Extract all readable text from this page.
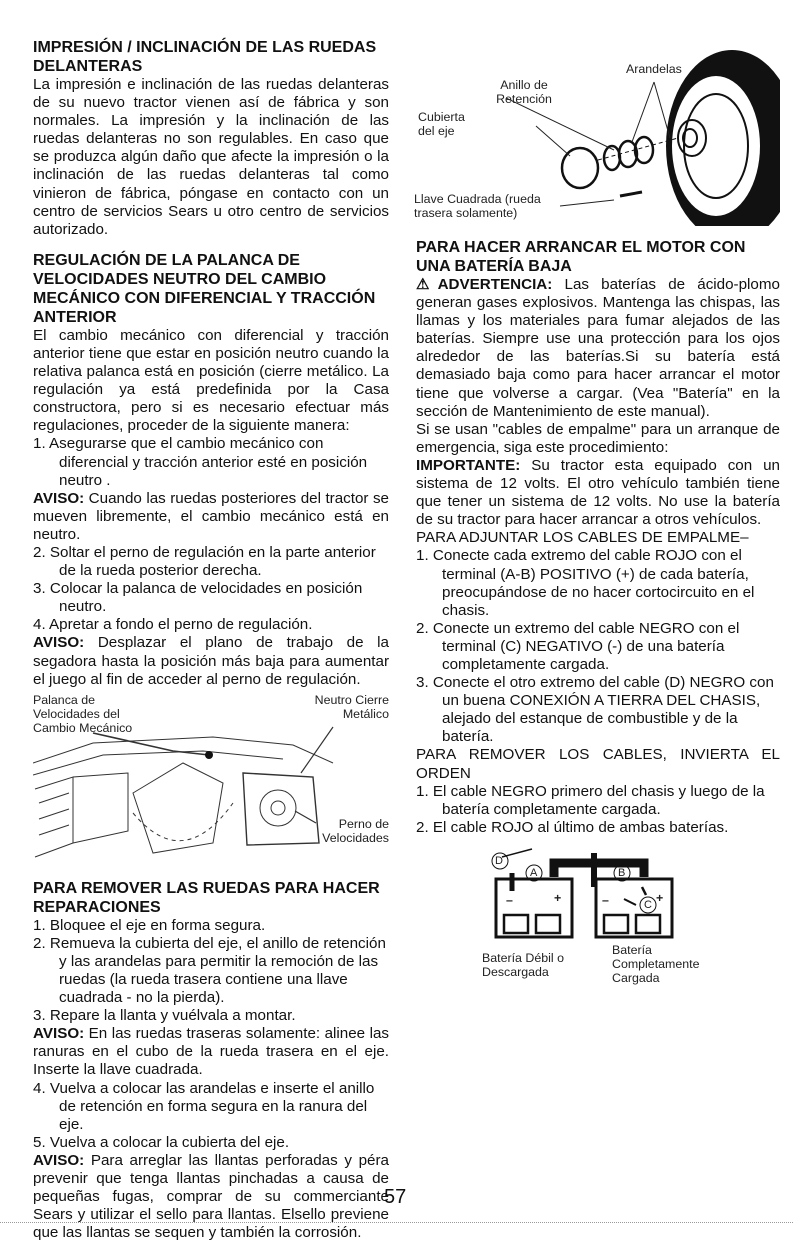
IMPRESIÓN / INCLINACIÓN DE LAS RUEDAS DELANTERAS

La impresión e inclinación de las ruedas delanteras de su nuevo tractor vienen así de fábrica y son normales. La impresión y la inclinación de las ruedas delanteras no son regulables. En caso que se produzca algún daño que afecte la impresión o la inclinación de las ruedas delanteras tal como vinieron de fábrica, póngase en contacto con un centro de servicios Sears u otro centro de servicios autorizado.

REGULACIÓN DE LA PALANCA DE VELOCIDADES NEUTRO DEL CAMBIO MECÁNICO CON DIFERENCIAL Y TRACCIÓN ANTERIOR

El cambio mecánico con diferencial y tracción anterior tiene que estar en posición neutro cuando la relativa palanca está en posición (cierre metálico. La regulación ya está predefinida por la Casa constructora, pero si es necesario efectuar más regulaciones, proceder de la siguiente manera:

1. Asegurarse que el cambio mecánico con diferencial y tracción anterior esté en posición neutro .

AVISO: Cuando las ruedas posteriores del tractor se mueven libremente, el cambio mecánico está en neutro.

2. Soltar el perno de regulación en la parte anterior de la rueda posterior derecha.

3. Colocar la palanca de velocidades en posición neutro.

4. Apretar a fondo el perno de regulación.

AVISO: Desplazar el plano de trabajo de la segadora hasta la posición más baja para aumentar el juego al fin de acceder al perno de regulación.

Palanca de Velocidades del Cambio Mecánico
Neutro Cierre Metálico
Perno de Velocidades

PARA REMOVER LAS RUEDAS PARA HACER REPARACIONES

1. Bloquee el eje en forma segura.

2. Remueva la cubierta del eje, el anillo de retención y las arandelas para permitir la remoción de las ruedas (la rueda trasera contiene una llave cuadrada - no la pierda).

3. Repare la llanta y vuélvala a montar.

AVISO: En las ruedas traseras solamente: alinee las ranuras en el cubo de la rueda trasera en el eje. Inserte la llave cuadrada.

4. Vuelva a colocar las arandelas e inserte el anillo de retención en forma segura en la ranura del eje.

5. Vuelva a colocar la cubierta del eje.

AVISO: Para arreglar las llantas perforadas y péra prevenir que tenga llantas pinchadas a causa de pequeñas fugas, comprar de su commerciante Sears y utilizar el sello para llantas. Elsello previene que las llantas se sequen y también la corrosión.

Arandelas
Anillo de Retención
Cubierta del eje
Llave Cuadrada (rueda trasera solamente)

PARA HACER ARRANCAR EL MOTOR CON UNA BATERÍA BAJA

⚠ADVERTENCIA: Las baterías de ácido-plomo generan gases explosivos. Mantenga las chispas, las llamas y los materiales para fumar alejados de las baterías. Siempre use una protección para los ojos alrededor de las baterías.Si su batería está demasiado baja como para hacer arrancar el motor tiene que volverse a cargar. (Vea "Batería" en la sección de Mantenimiento de este manual).

Si se usan "cables de empalme" para un arranque de emergencia, siga este procedimiento:

IMPORTANTE: Su tractor esta equipado con un sistema de 12 volts. El otro vehículo también tiene que tener un sistema de 12 volts. No use la batería de su tractor para hacer arrancar a otros vehículos.

PARA ADJUNTAR LOS CABLES DE EMPALME–

1. Conecte cada extremo del cable ROJO con el terminal (A-B) POSITIVO (+) de cada batería, preocupándose de no hacer cortocircuito en el chasis.

2. Conecte un extremo del cable NEGRO con el terminal (C) NEGATIVO (-) de una batería completamente cargada.

3. Conecte el otro extremo del cable (D) NEGRO con un buena CONEXIÓN A TIERRA DEL CHASIS, alejado del estanque de combustible y de la batería.

PARA REMOVER LOS CABLES, INVIERTA EL ORDEN

1. El cable NEGRO primero del chasis y luego de la batería completamente cargada.

2. El cable ROJO al último de ambas baterías.

D
A	B
C
+
–	–	+
Batería Débil o Descargada
Batería Completamente Cargada
57
